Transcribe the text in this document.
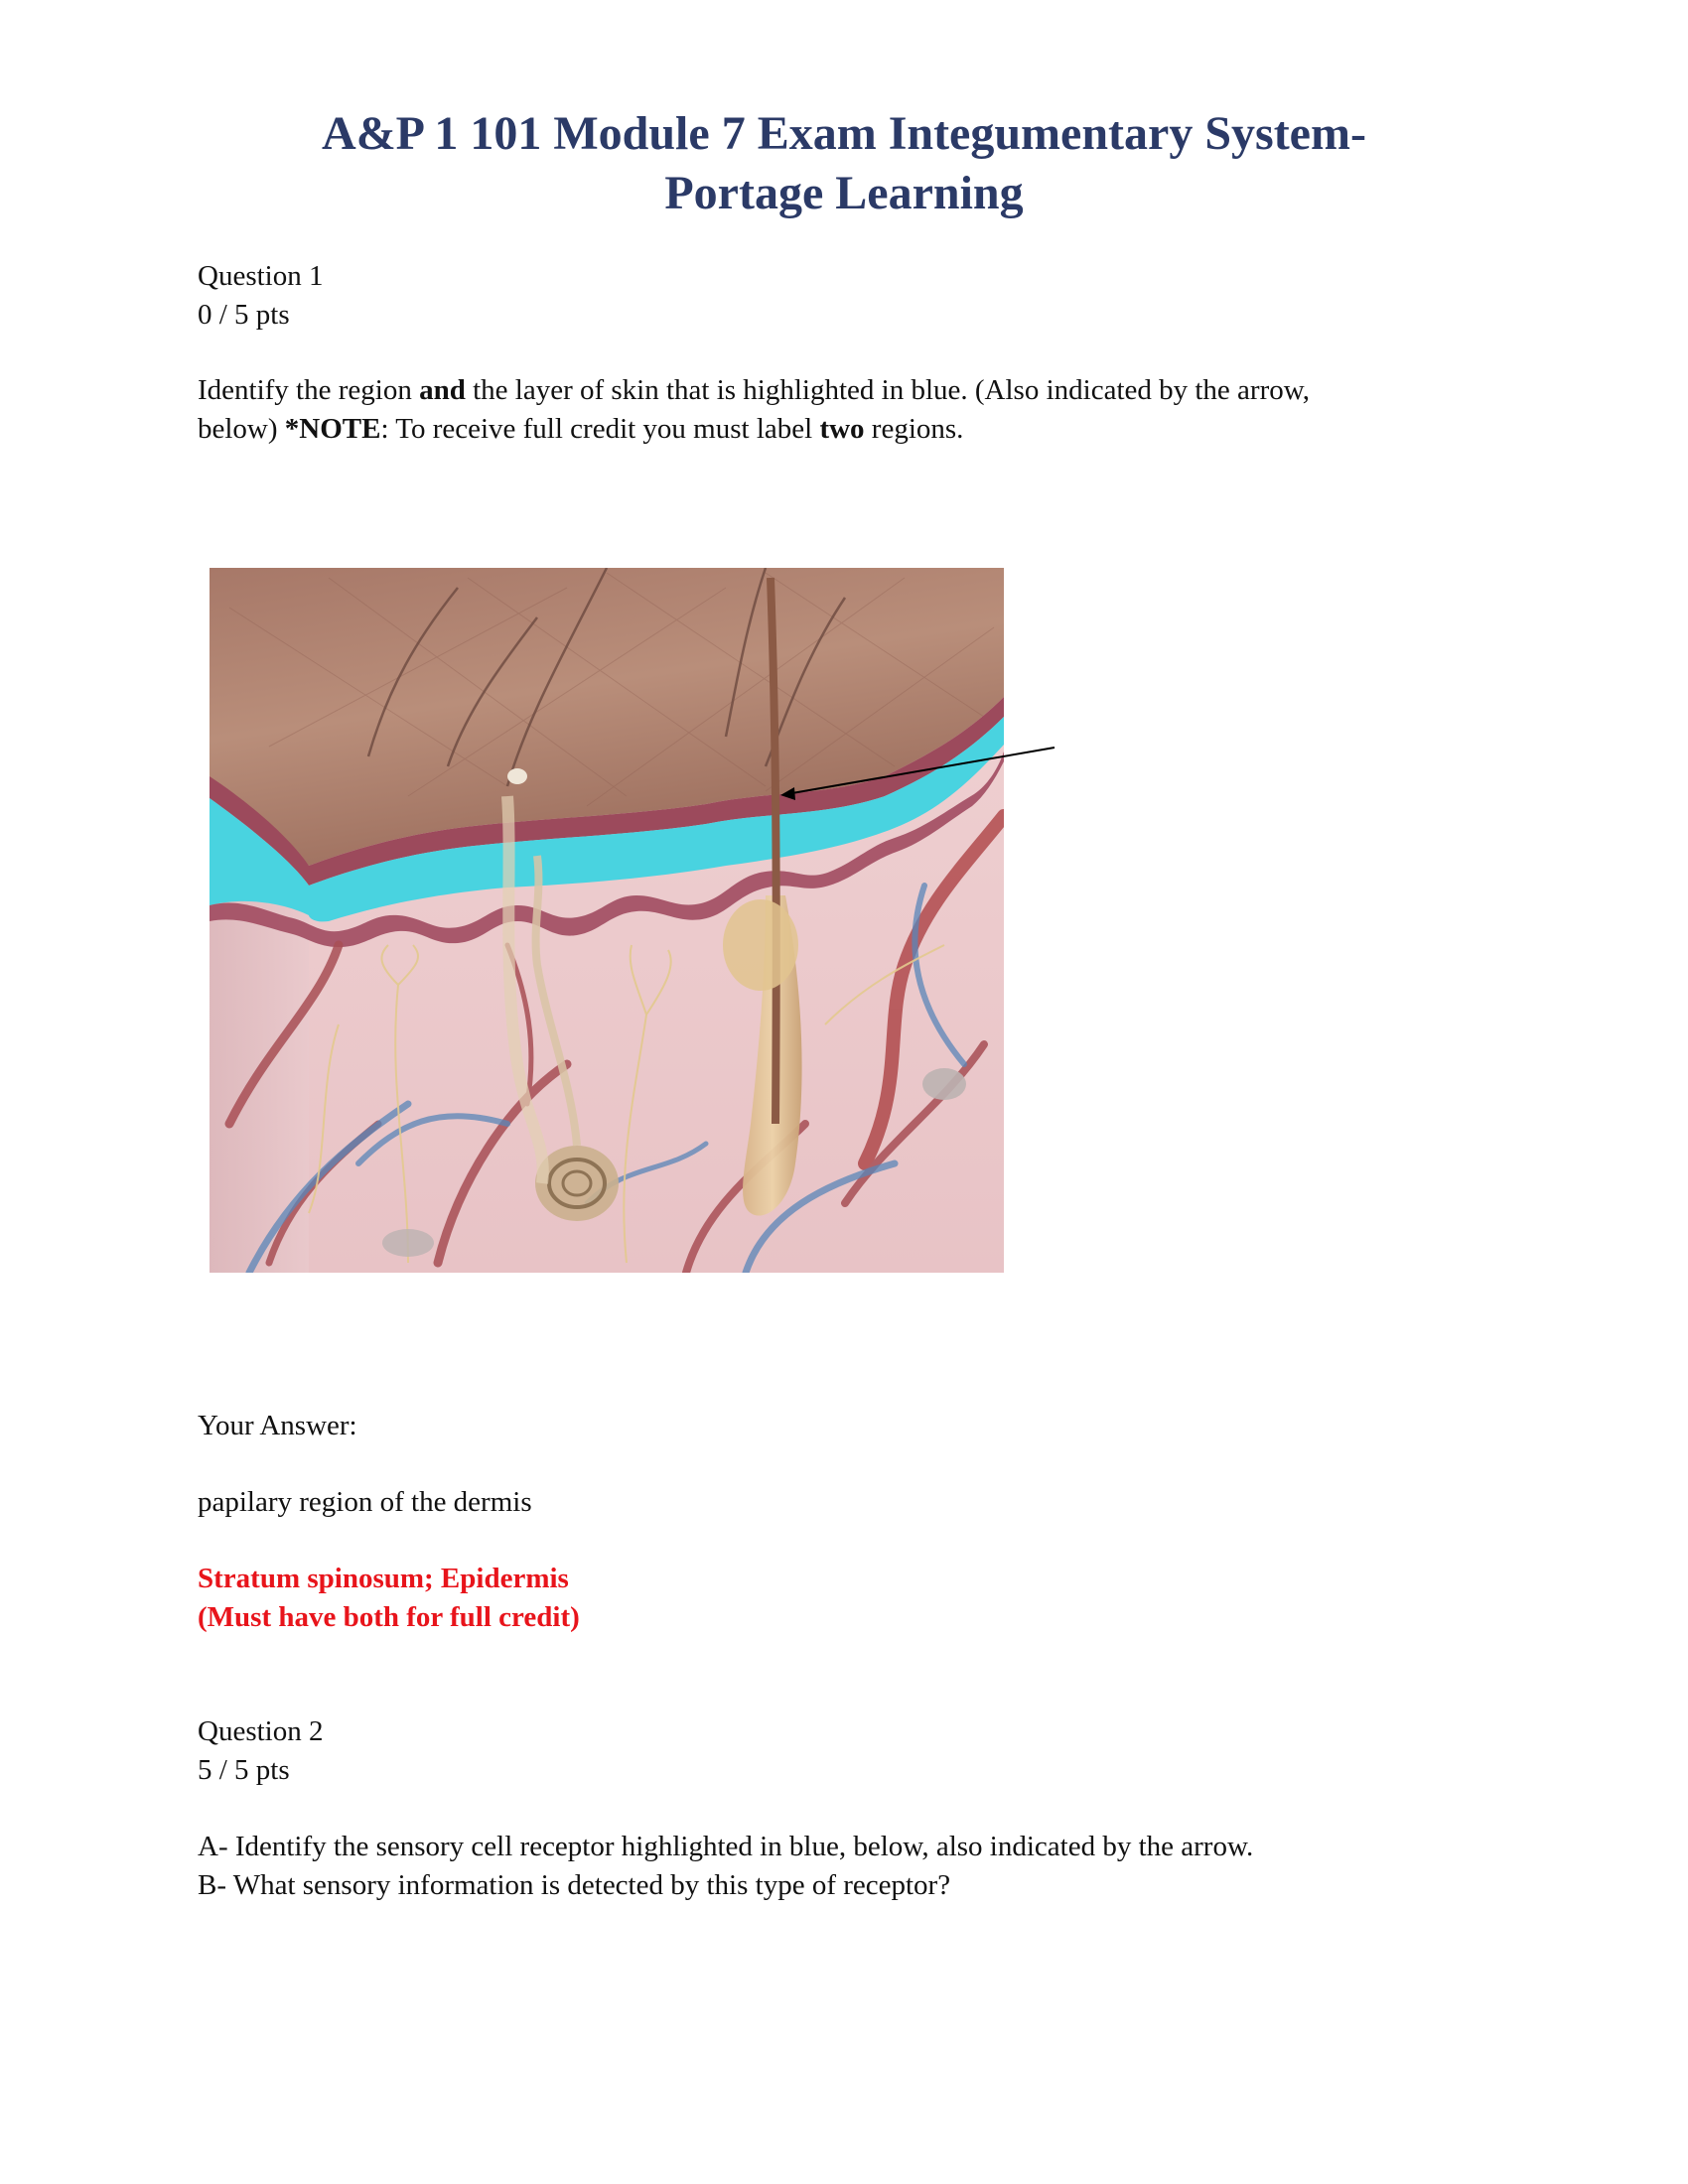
A&P 1 101 Module 7 Exam Integumentary System-
Portage Learning
Question 1
0 / 5 pts
Identify the region and the layer of skin that is highlighted in blue. (Also indicated by the arrow,
below) *NOTE: To receive full credit you must label two regions.
Your Answer:
papilary region of the dermis
Stratum spinosum; Epidermis
(Must have both for full credit)
Question 2
5 / 5 pts
A- Identify the sensory cell receptor highlighted in blue, below, also indicated by the arrow.
B- What sensory information is detected by this type of receptor?
